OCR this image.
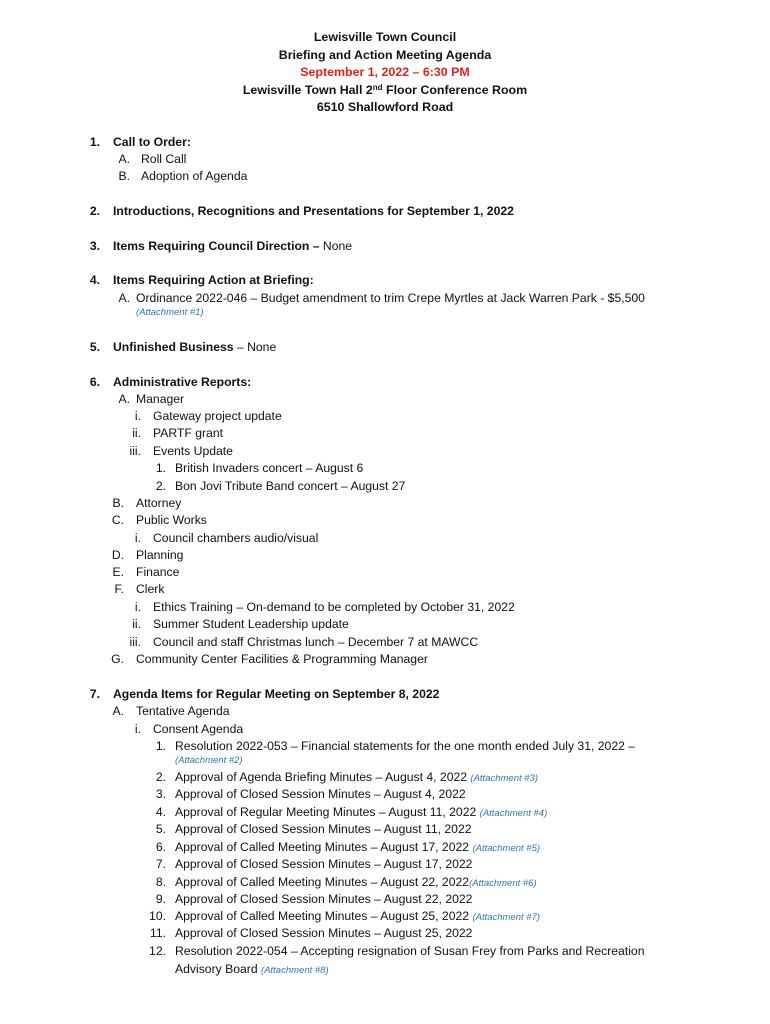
Lewisville Town Council
Briefing and Action Meeting Agenda
September 1, 2022 – 6:30 PM
Lewisville Town Hall 2nd Floor Conference Room
6510 Shallowford Road
1. Call to Order:
A. Roll Call
B. Adoption of Agenda
2. Introductions, Recognitions and Presentations for September 1, 2022
3. Items Requiring Council Direction – None
4. Items Requiring Action at Briefing:
A. Ordinance 2022-046 – Budget amendment to trim Crepe Myrtles at Jack Warren Park - $5,500
(Attachment #1)
5. Unfinished Business – None
6. Administrative Reports:
A. Manager
i. Gateway project update
ii. PARTF grant
iii. Events Update
1. British Invaders concert – August 6
2. Bon Jovi Tribute Band concert – August 27
B. Attorney
C. Public Works
i. Council chambers audio/visual
D. Planning
E. Finance
F. Clerk
i. Ethics Training – On-demand to be completed by October 31, 2022
ii. Summer Student Leadership update
iii. Council and staff Christmas lunch – December 7 at MAWCC
G. Community Center Facilities & Programming Manager
7. Agenda Items for Regular Meeting on September 8, 2022
A. Tentative Agenda
i. Consent Agenda
1. Resolution 2022-053 – Financial statements for the one month ended July 31, 2022 –
(Attachment #2)
2. Approval of Agenda Briefing Minutes – August 4, 2022 (Attachment #3)
3. Approval of Closed Session Minutes – August 4, 2022
4. Approval of Regular Meeting Minutes – August 11, 2022 (Attachment #4)
5. Approval of Closed Session Minutes – August 11, 2022
6. Approval of Called Meeting Minutes – August 17, 2022 (Attachment #5)
7. Approval of Closed Session Minutes – August 17, 2022
8. Approval of Called Meeting Minutes – August 22, 2022(Attachment #6)
9. Approval of Closed Session Minutes – August 22, 2022
10. Approval of Called Meeting Minutes – August 25, 2022 (Attachment #7)
11. Approval of Closed Session Minutes – August 25, 2022
12. Resolution 2022-054 – Accepting resignation of Susan Frey from Parks and Recreation
Advisory Board (Attachment #8)
